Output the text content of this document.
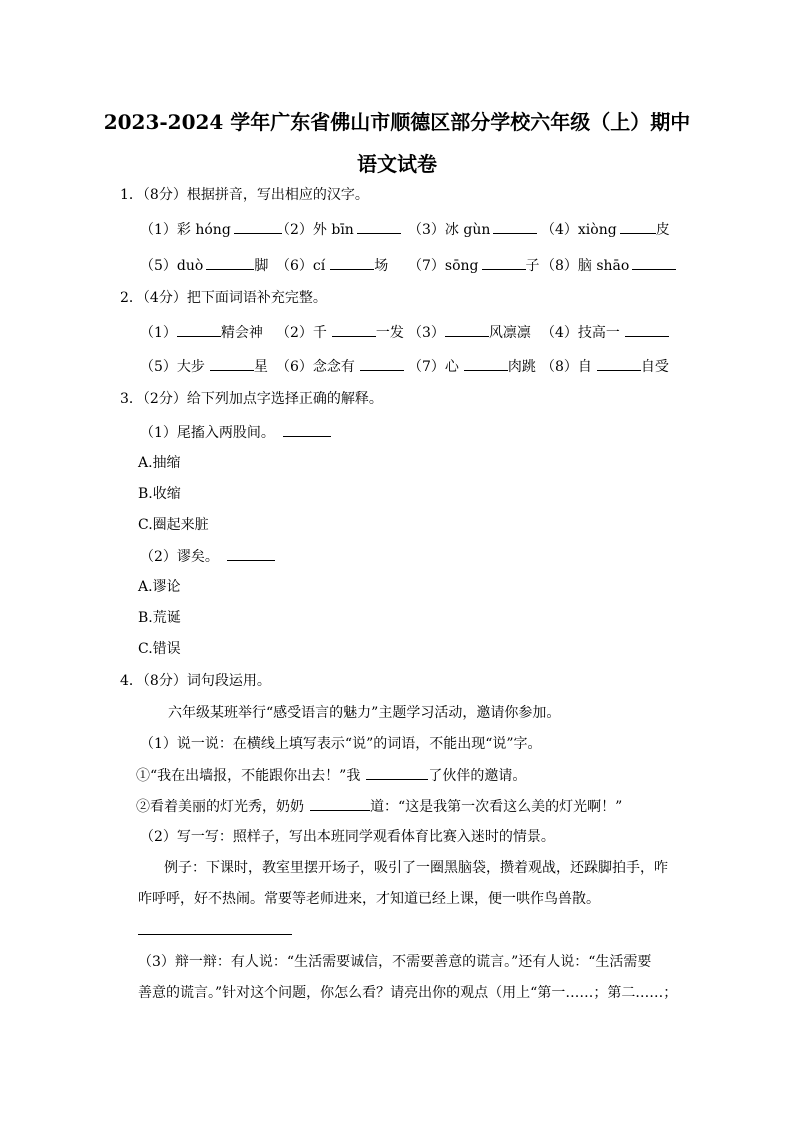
2023-2024 学年广东省佛山市顺德区部分学校六年级（上）期中
语文试卷
1．（8分）根据拼音，写出相应的汉字。
（1）彩 hóng	（2）外 bīn	（3）冰 gùn	（4）xiòng	皮
（5）duò	脚 （6）cí	场 （7）sōng	子 （8）脑 shāo
2．（4分）把下面词语补充完整。
（1）	精会神 （2）千	一发 （3）	风凛凛 （4）技高一
（5）大步	星 （6）念念有	（7）心	肉跳 （8）自	自受
3．（2分）给下列加点字选择正确的解释。
（1）尾搐入两股间。
A.抽缩
B.收缩
C.圈起来脏
（2）谬矣。
A.谬论
B.荒诞
C.错误
4．（8分）词句段运用。
六年级某班举行“感受语言的魅力”主题学习活动，邀请你参加。
（1）说一说：在横线上填写表示“说”的词语，不能出现“说”字。
①“我在出墙报，不能跟你出去！”我	了伙伴的邀请。
②看着美丽的灯光秀，奶奶	道：“这是我第一次看这么美的灯光啊！”
（2）写一写：照样子，写出本班同学观看体育比赛入迷时的情景。
例子：下课时，教室里摆开场子，吸引了一圈黑脑袋，攒着观战，还跺脚拍手，咋
咋呼呼，好不热闹。常要等老师进来，才知道已经上课，便一哄作鸟兽散。
（3）辩一辩：有人说：“生活需要诚信，不需要善意的谎言。”还有人说：“生活需要
善意的谎言。”针对这个问题，你怎么看？请亮出你的观点（用上“第一……；第二……；
